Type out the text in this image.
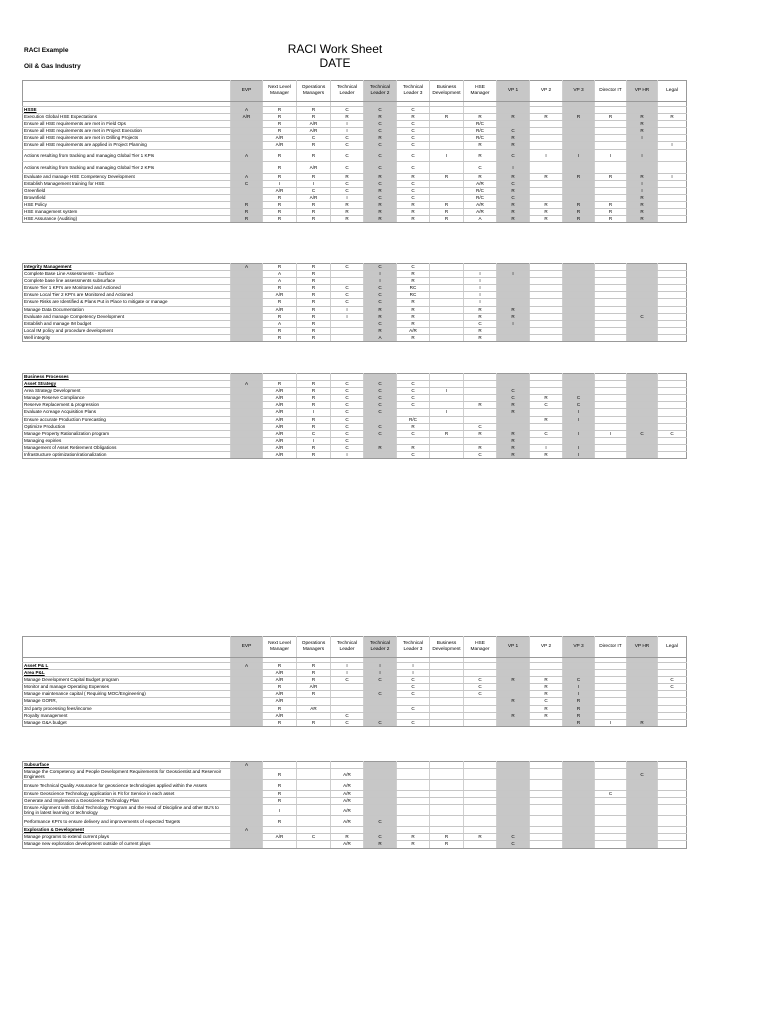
RACI Example
Oil & Gas Industry
RACI Work Sheet
DATE
	EVP	Next Level Manager	Operations Managers	Technical Leader	Technical Leader 2	Technical Leader 3	Business Development	HSE Manager	VP 1	VP 2	VP 3	Director IT	VP HR	Legal

HSSE	A	R	R	C	C	C								
Execution Global HSE Expectations	A/R	R	R	R	R	R	R	R	R	R	R	R	R	R
Ensure all HSE requirements are met in Field Ops		R	A/R	I	C	C		R/C					R	
Ensure all HSE requirements are met in Project Execution		R	A/R	I	C	C		R/C	C				R	
Ensure all HSE requirements are met in Drilling Projects		A/R	C	C	R	C		R/C	R				I	
Ensure all HSE requirements are applied in Project Planning		A/R	R	C	C	C		R	R					I
Actions resulting from tracking and managing Global Tier 1 KPIs	A	R	R	C	C	C	I	R	C	I	I	I	I	
Actions resulting from tracking and managing Global Tier 2 KPIs		R	A/R	C	C	C		C	I					
Evaluate and manage HSE Competency Development	A	R	R	R	R	R	R	R	R	R	R	R	R	I
Establish Management training for HSE	C	I	I	C	C	C		A/R	C				I	
Greenfield		A/R	C	C	R	C		R/C	R				I	
Brownfield		R	A/R	I	C	C		R/C	C				R	
HSE Policy	R	R	R	R	R	R	R	A/R	R	R	R	R	R	
HSE management system	R	R	R	R	R	R	R	A/R	R	R	R	R	R	
HSE Assurance (Auditing)	R	R	R	R	R	R	R	A	R	R	R	R	R	
Integrity Management	A	R	R	C	C	C								
Complete Base Line Assessments - Surface		A	R		I	R		I	I					
Complete base line assessments subsurface		A	R		I	R		I						
Ensure Tier 1 KPI's are Monitored and Actioned		R	R	C	C	RC		I						
Ensure Local Tier 2 KPI's are Monitored and Actioned		A/R	R	C	C	RC		I						
Ensure Risks are Identified & Plans Put in Place to mitigate or manage		R	R	C	C	R		I						
Manage Data Documentation		A/R	R	I	R	R		R	R					
Evaluate and manage Competency Development		R	R	I	R	R		R	R				C	
Establish and manage IM budget		A	R		C	R		C	I					
Local IM policy and procedure development		R	R		R	A/R		R						
Well integrity		R	R		A	R		R						
Business Processes														
Asset Strategy	A	R	R	C	C	C								
Area Strategy Development		A/R	R	C	C	C	I		C					
Manage Reserve Compliance		A/R	R	C	C	C			C	R	C			
Reserve Replacement & progression		A/R	R	C	C	C		R	R	C	C			
Evaluate Acreage Acquisition Plans		A/R	I	C	C		I		R		I			
Ensure accurate Production Forecasting		A/R	R	C		R/C				R	I			
Optimize Production		A/R	R	C	C	R		C						
Manage Property Rationalization program		A/R	C	C	C	C	R	R	R	C	I	I	C	C
Managing expiries		A/R	I	C					R					
Management of Asset Retirement Obligations		A/R	R	C	R	R		R	R	I	I			
Infrastructure optimization/rationalization		A/R	R	I		C		C	R	R	I			
	EVP	Next Level Manager	Operations Managers	Technical Leader	Technical Leader 2	Technical Leader 3	Business Development	HSE Manager	VP 1	VP 2	VP 3	Director IT	VP HR	Legal

Asset P& L	A	R	R	I	I	I								
Area P&L		A/R	R	I	I	I								
Manage Development Capital Budget program		A/R	R	C	C	C		C	R	R	C			C
Monitor and manage Operating Expenses		R	A/R			C		C		R	I			C
Manage maintenance capital ( Requiring MOC/Engineering)		A/R	R		C	C		C		R	I			
Manage GORR,		A/R							R	C	R			
3rd party processing fees/income		R	AR			C				R	R			
Royalty management		A/R		C					R	R	R			
Manage G&A budget		R	R	C	C	C					R	I	R	
Subsurface	A													
Manage the Competency and People Development Requirements for Geoscientist and Reservoir Engineers		R		A/R									C	
Ensure Technical Quality Assurance for geoscience technologies applied within the Assets		R		A/R										
Ensure Geoscience Technology application is Fit for Service in each asset		R		A/R								C		
Generate and Implement a Geoscience Technology Plan		R		A/R										
Ensure Alignment with Global Technology Program and the Head of Discipline and other BU's to bring in latest learning or technology		I		A/R										
Performance KPI's to ensure delivery and improvements of expected Targets		R		A/R	C									
Exploration & Development	A													
Manage programs to extend current plays		A/R	C	R	C	R	R	R	C					
Manage new exploration development outside of current plays				A/R	R	R	R		C					
